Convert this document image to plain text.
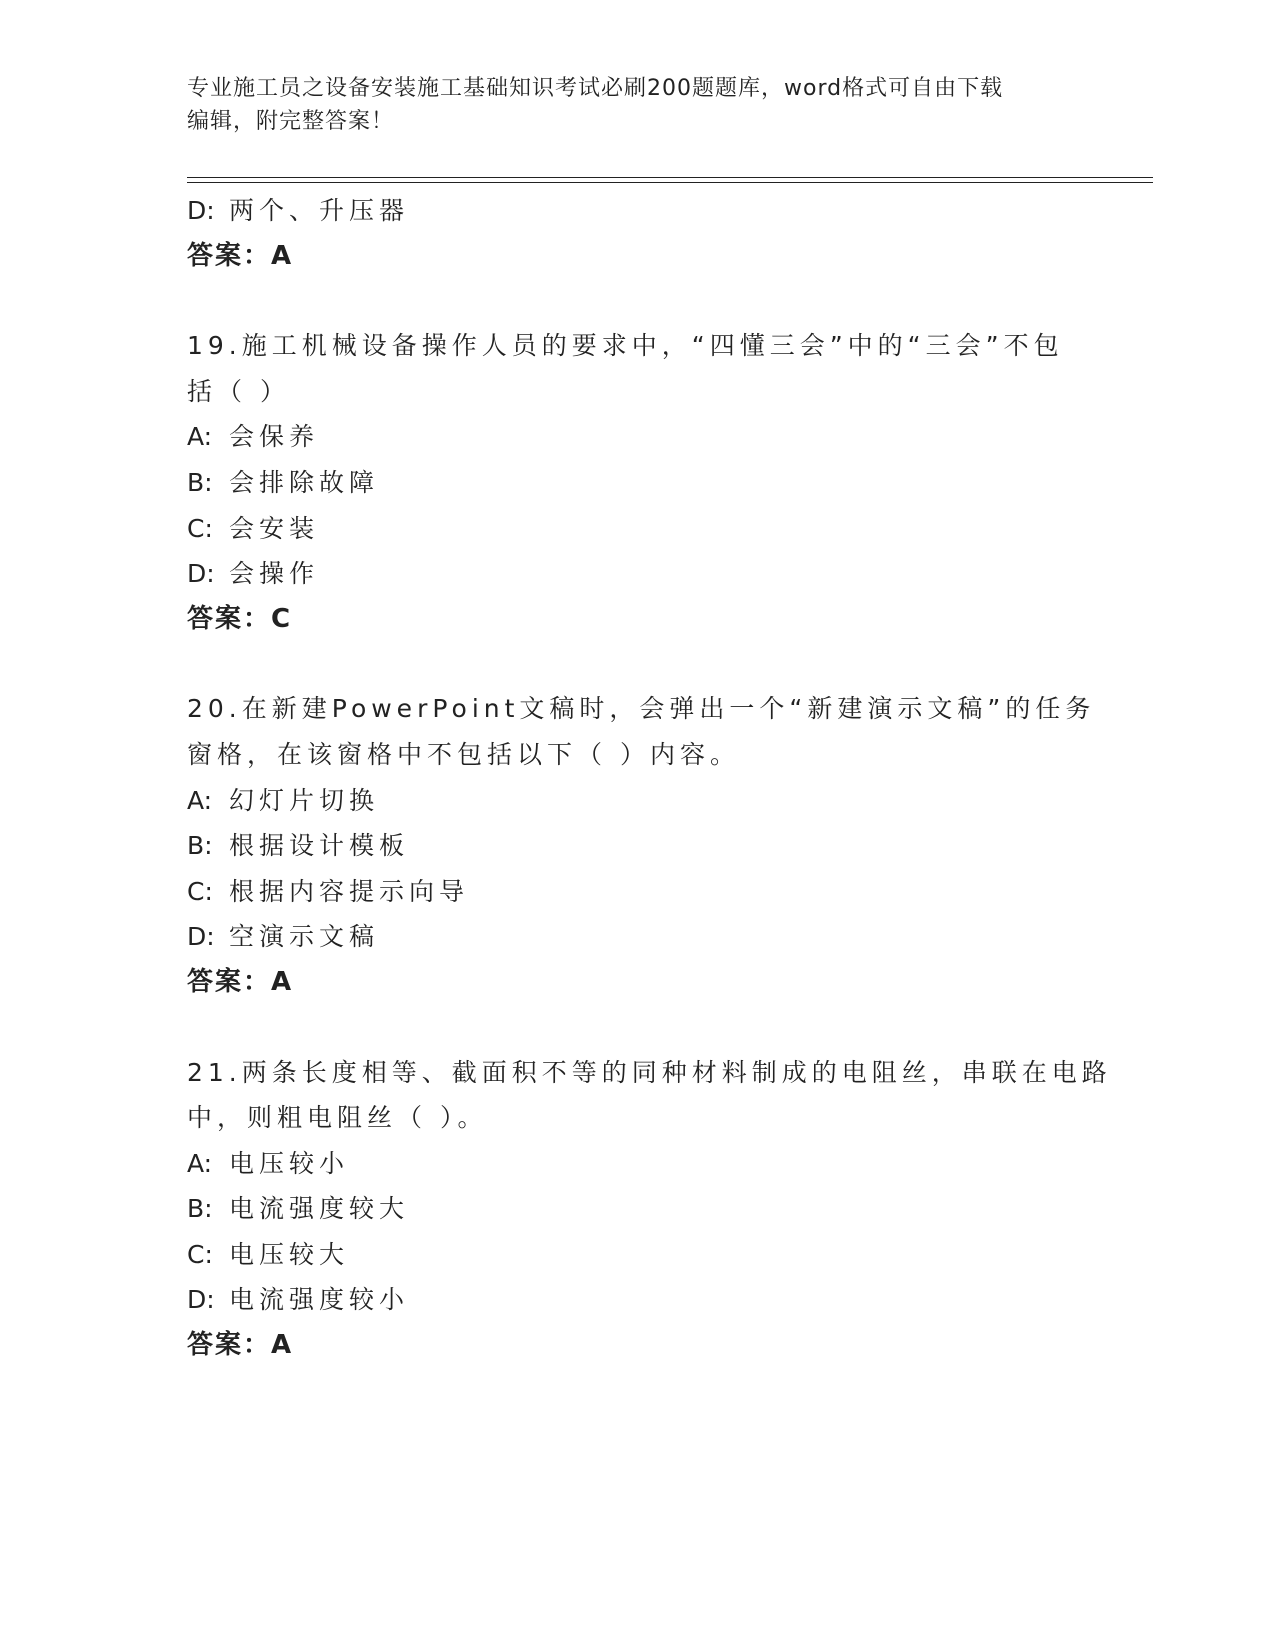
专业施工员之设备安装施工基础知识考试必刷200题题库，word格式可自由下载
编辑，附完整答案！
D: 两个、升压器
答案：A
19.施工机械设备操作人员的要求中，“四懂三会”中的“三会”不包
括（ ）
A: 会保养
B: 会排除故障
C: 会安装
D: 会操作
答案：C
20.在新建PowerPoint文稿时，会弹出一个“新建演示文稿”的任务
窗格，在该窗格中不包括以下（ ）内容。
A: 幻灯片切换
B: 根据设计模板
C: 根据内容提示向导
D: 空演示文稿
答案：A
21.两条长度相等、截面积不等的同种材料制成的电阻丝，串联在电路
中，则粗电阻丝（ ）。
A: 电压较小
B: 电流强度较大
C: 电压较大
D: 电流强度较小
答案：A
